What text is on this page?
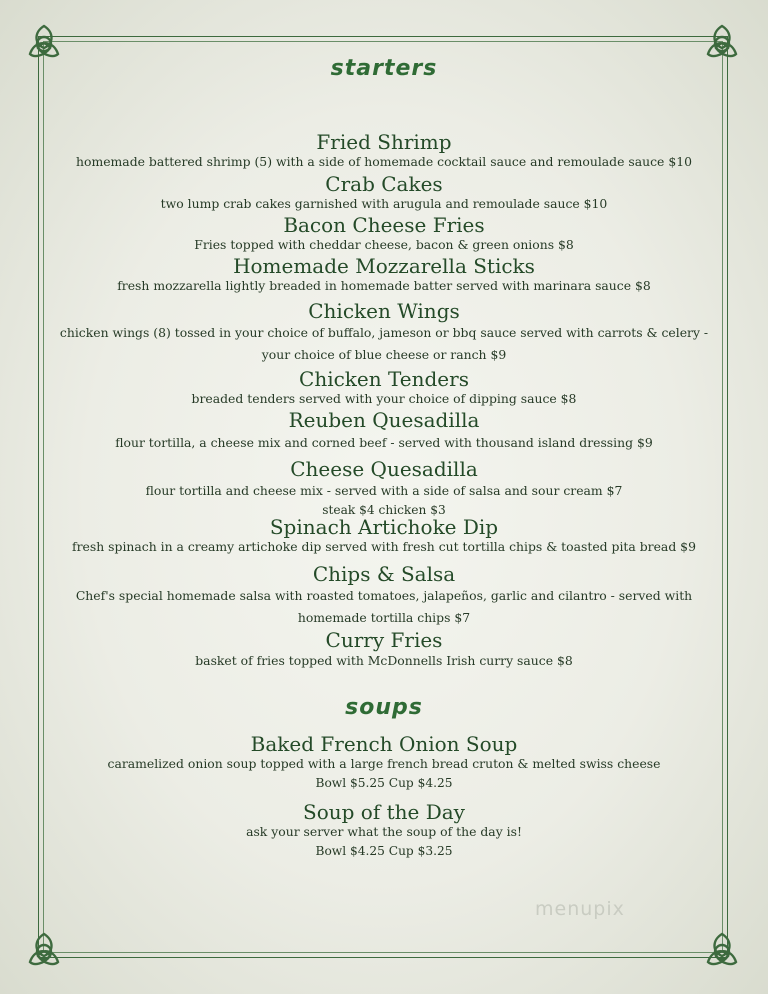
starters
Fried Shrimp
homemade battered shrimp (5) with a side of homemade cocktail sauce and remoulade sauce $10
Crab Cakes
two lump crab cakes garnished with arugula and remoulade sauce $10
Bacon Cheese Fries
Fries topped with cheddar cheese, bacon & green onions $8
Homemade Mozzarella Sticks
fresh mozzarella lightly breaded in homemade batter served with marinara sauce $8
Chicken Wings
chicken wings (8) tossed in your choice of buffalo, jameson or bbq sauce served with carrots & celery - your choice of blue cheese or ranch $9
Chicken Tenders
breaded tenders served with your choice of dipping sauce $8
Reuben Quesadilla
flour tortilla, a cheese mix and corned beef - served with thousand island dressing $9
Cheese Quesadilla
flour tortilla and cheese mix - served with a side of salsa and sour cream $7
steak $4 chicken $3
Spinach Artichoke Dip
fresh spinach in a creamy artichoke dip served with fresh cut tortilla chips & toasted pita bread $9
Chips & Salsa
Chef's special homemade salsa with roasted tomatoes, jalapeños, garlic and cilantro - served with homemade tortilla chips $7
Curry Fries
basket of fries topped with McDonnells Irish curry sauce $8
soups
Baked French Onion Soup
caramelized onion soup topped with a large french bread cruton & melted swiss cheese
Bowl $5.25 Cup $4.25
Soup of the Day
ask your server what the soup of the day is!
Bowl $4.25 Cup $3.25
menupix
